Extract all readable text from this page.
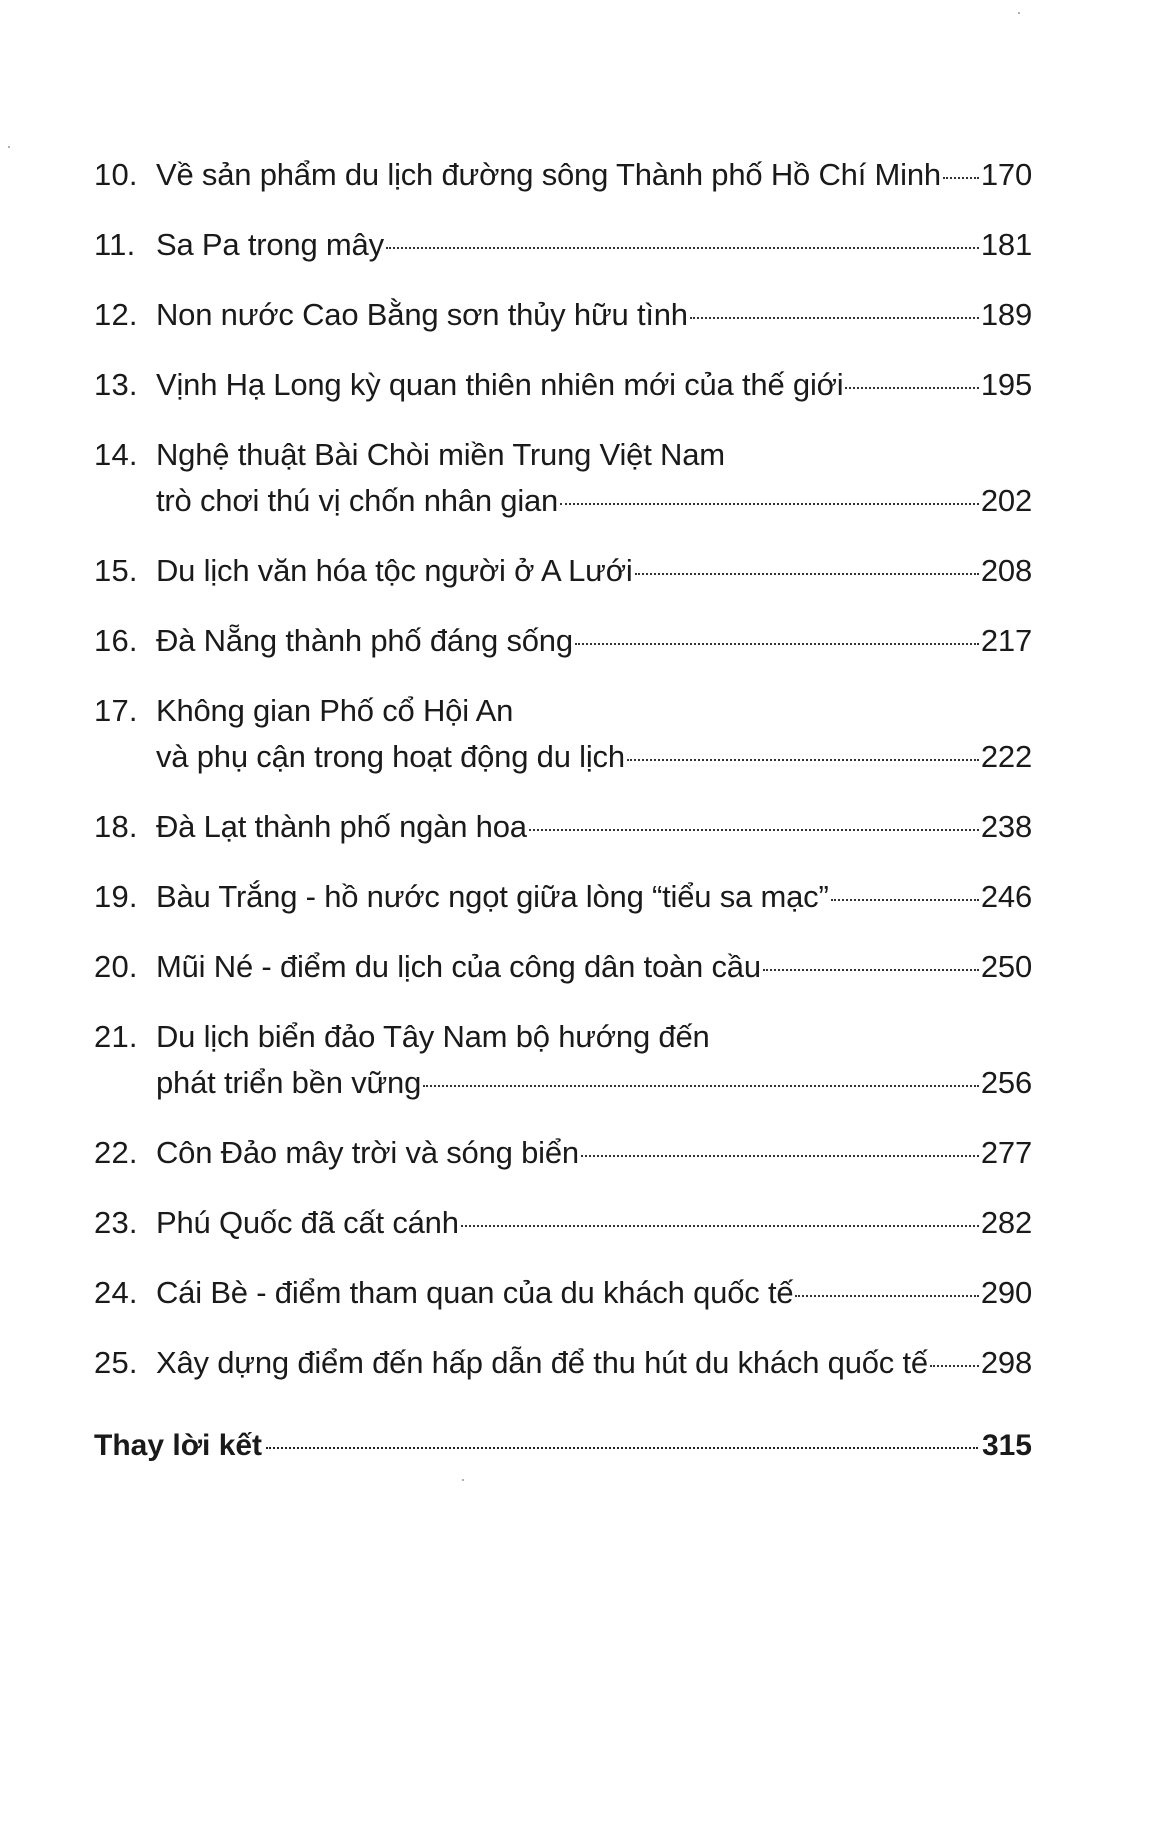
10. Về sản phẩm du lịch đường sông Thành phố Hồ Chí Minh 170
11. Sa Pa trong mây	181
12. Non nước Cao Bằng sơn thủy hữu tình	189
13. Vịnh Hạ Long kỳ quan thiên nhiên mới của thế giới	195
14. Nghệ thuật Bài Chòi miền Trung Việt Nam
trò chơi thú vị chốn nhân gian	202
15. Du lịch văn hóa tộc người ở A Lưới	208
16. Đà Nẵng thành phố đáng sống	217
17. Không gian Phố cổ Hội An
và phụ cận trong hoạt động du lịch	222
18. Đà Lạt thành phố ngàn hoa	238
19. Bàu Trắng - hồ nước ngọt giữa lòng “tiểu sa mạc”	246
20. Mũi Né - điểm du lịch của công dân toàn cầu	250
21. Du lịch biển đảo Tây Nam bộ hướng đến
phát triển bền vững	256
22. Côn Đảo mây trời và sóng biển	277
23. Phú Quốc đã cất cánh	282
24. Cái Bè - điểm tham quan của du khách quốc tế	290
25. Xây dựng điểm đến hấp dẫn để thu hút du khách quốc tế 298
Thay lời kết	315
